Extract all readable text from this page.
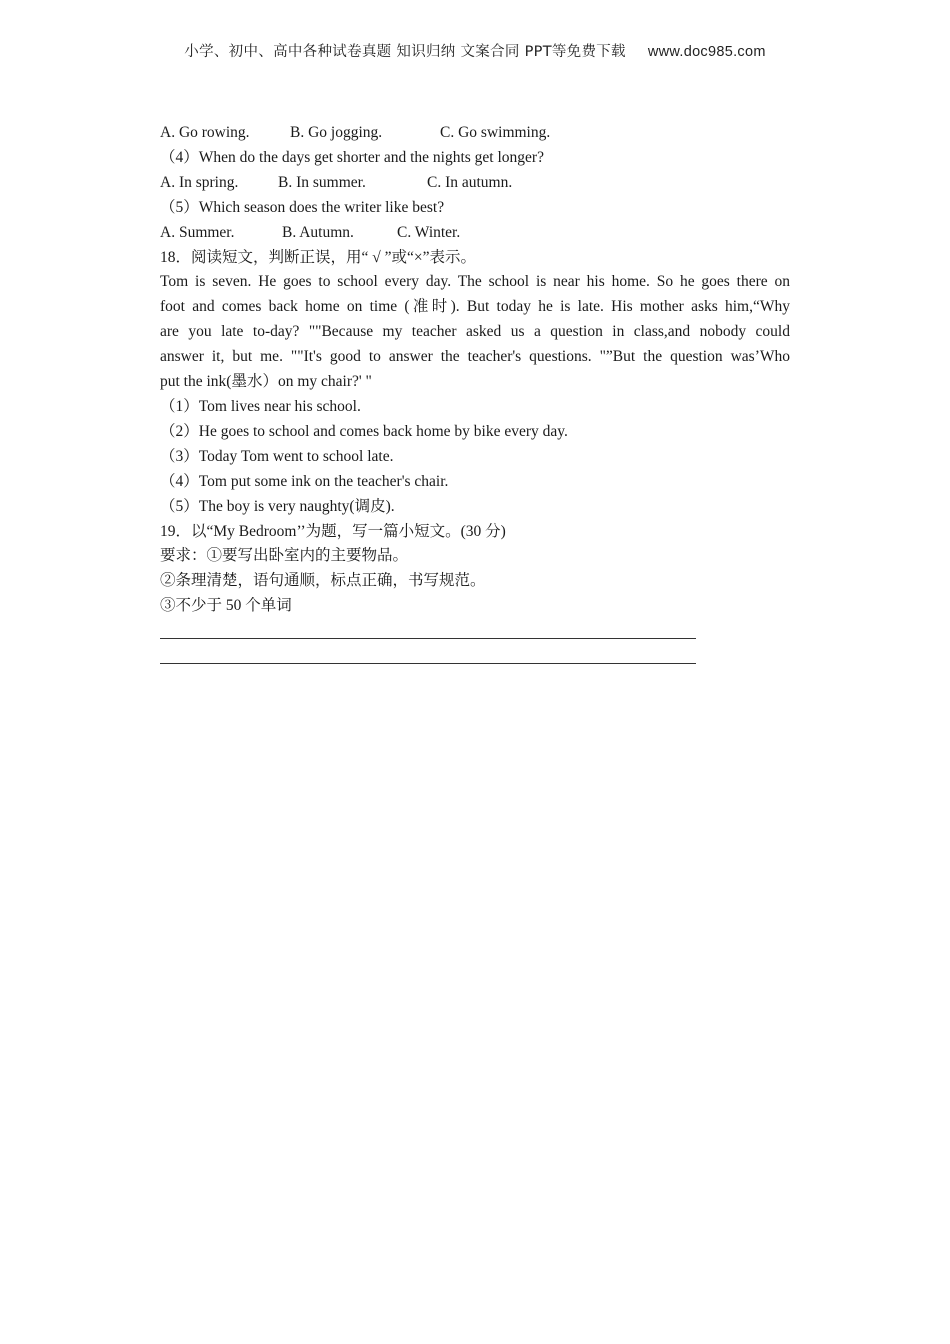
小学、初中、高中各种试卷真题 知识归纳 文案合同 PPT等免费下载 www.doc985.com
A. Go rowing.	B. Go jogging.	C. Go swimming.
（4）When do the days get shorter and the nights get longer?
A. In spring.	B. In summer.	C. In autumn.
（5）Which season does the writer like best?
A. Summer.	B. Autumn.	C. Winter.
18．阅读短文，判断正误，用“ √ ”或“×”表示。
Tom is seven. He goes to school every day. The school is near his home. So he goes there on
foot and comes back home on time (准时). But today he is late. His mother asks him,“Why
are you late to-day? ""Because my teacher asked us a question in class,and nobody could
answer it, but me. ""It's good to answer the teacher's questions. "”But the question was’Who
put the ink(墨水）on my chair?' "
（1）Tom lives near his school.
（2）He goes to school and comes back home by bike every day.
（3）Today Tom went to school late.
（4）Tom put some ink on the teacher's chair.
（5）The boy is very naughty(调皮).
19．以“My Bedroom’’为题，写一篇小短文。(30 分)
要求：①要写出卧室内的主要物品。
②条理清楚，语句通顺，标点正确，书写规范。
③不少于 50 个单词
